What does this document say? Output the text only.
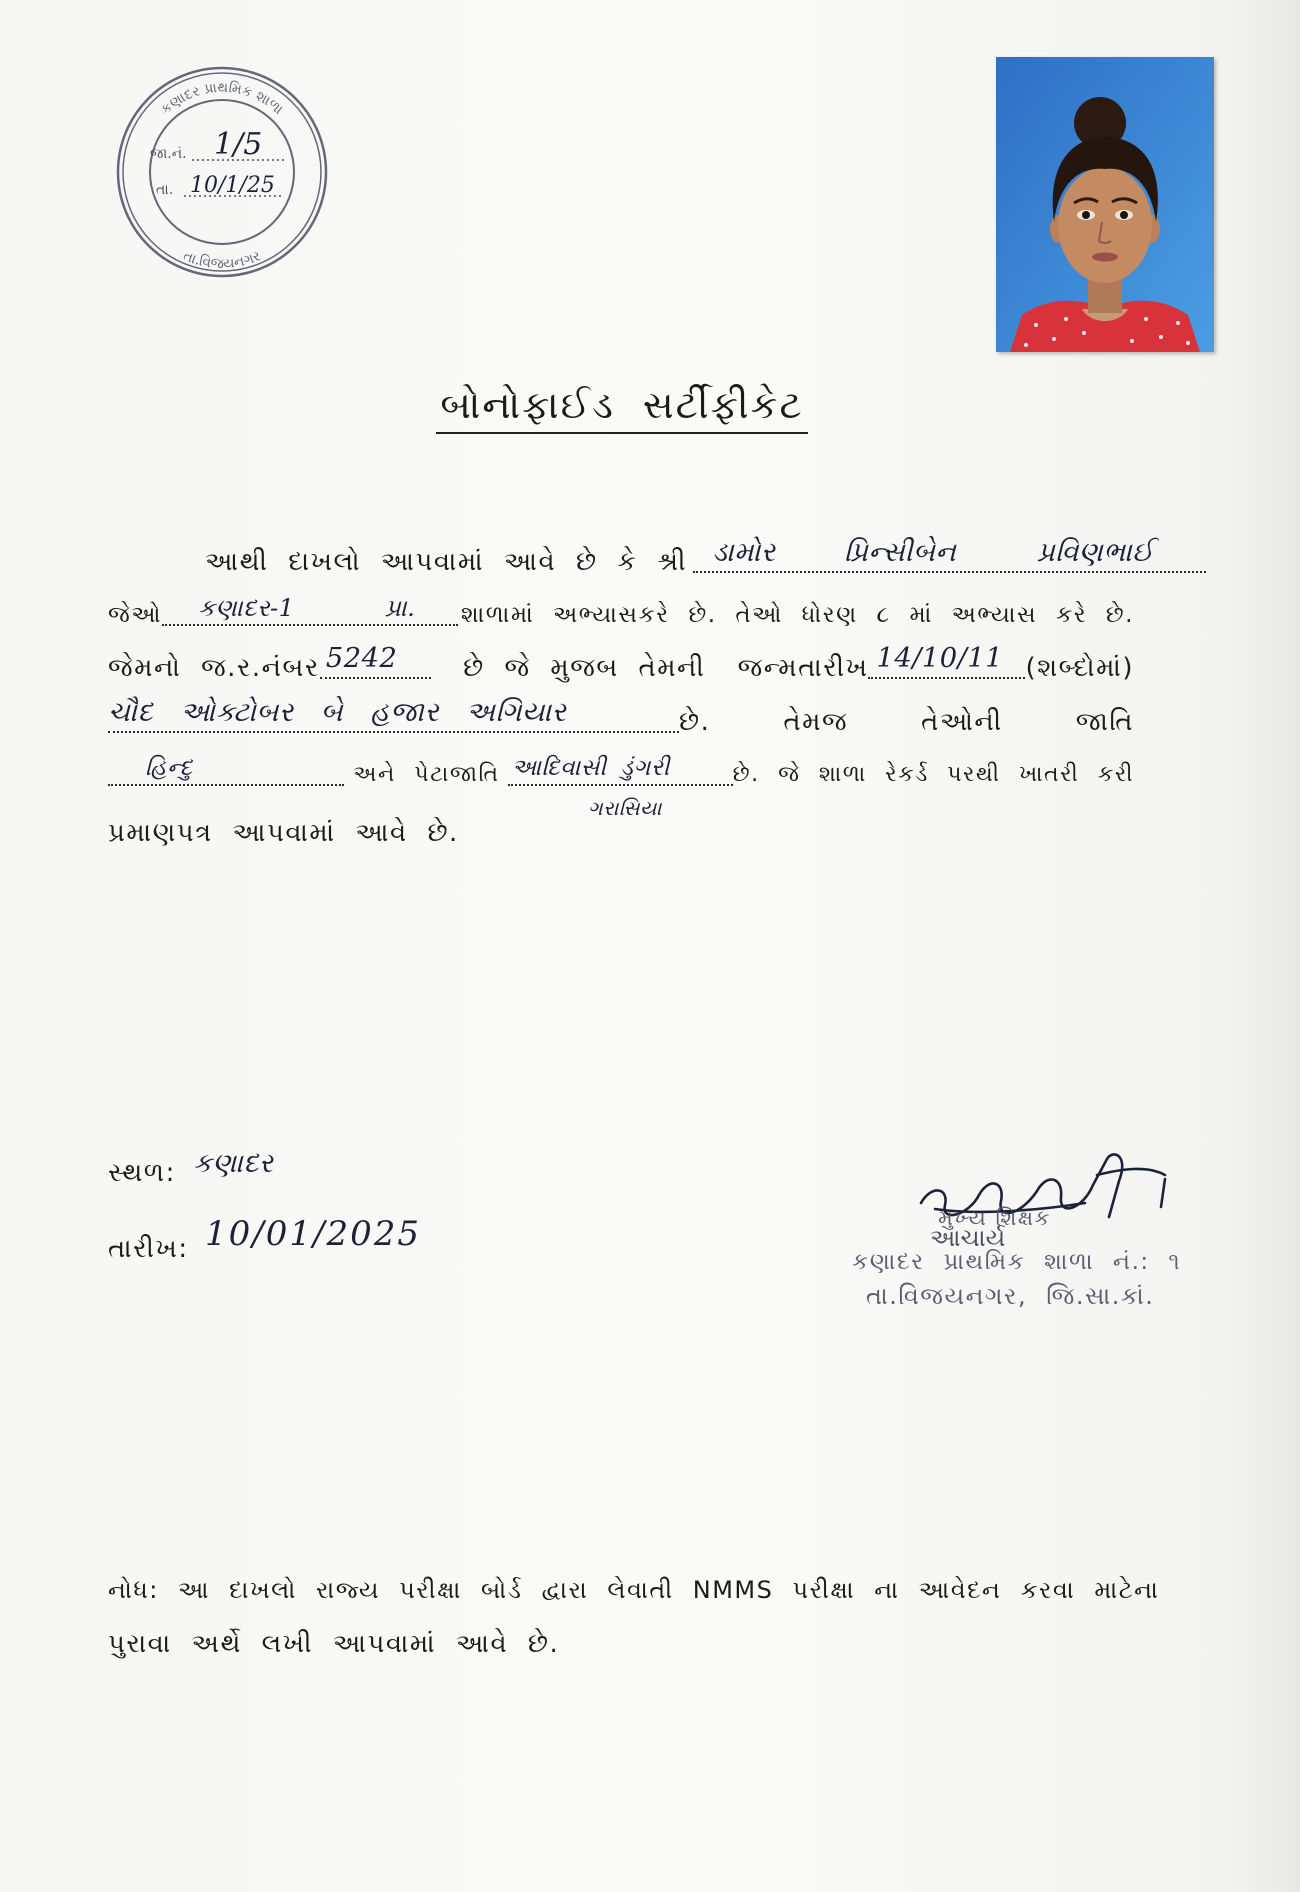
કણાદર પ્રાથમિક શાળા
તા.વિજયનગર
જા.નં. 1/5
તા. 10/1/25
બોનોફાઈડ સર્ટીફીકેટ
આથી દાખલો આપવામાં આવે છે કે શ્રી ડામોર	પ્રિન્સીબેન	પ્રવિણભાઈ
જેઓ કણાદર-1	પ્રા. શાળામાં અભ્યાસકરે છે. તેઓ ધોરણ ૮ માં અભ્યાસ કરે છે.
જેમનો જ.ર.નંબર 5242	છે જે મુજબ તેમની જન્મતારીખ 14/10/11 (શબ્દોમાં)
ચૌદ ઓક્ટોબર બે હજાર અગિયાર	છે.	તેમજ	તેઓની	જાતિ
હિન્દુ	અને પેટાજાતિ આદિવાસી ડુંગરી	છે. જે શાળા રેકર્ડ પરથી ખાતરી કરી
ગરાસિયા
પ્રમાણપત્ર આપવામાં આવે છે.
સ્થળ: કણાદર
તારીખ: 10/01/2025	મુખ્ય શિક્ષક
આચાર્ય
કણાદર પ્રાથમિક શાળા નં.: ૧
તા.વિજયનગર, જિ.સા.કાં.
નોધ: આ દાખલો રાજ્ય પરીક્ષા બોર્ડ દ્વારા લેવાતી NMMS પરીક્ષા ના આવેદન કરવા માટેના
પુરાવા અર્થે લખી આપવામાં આવે છે.
